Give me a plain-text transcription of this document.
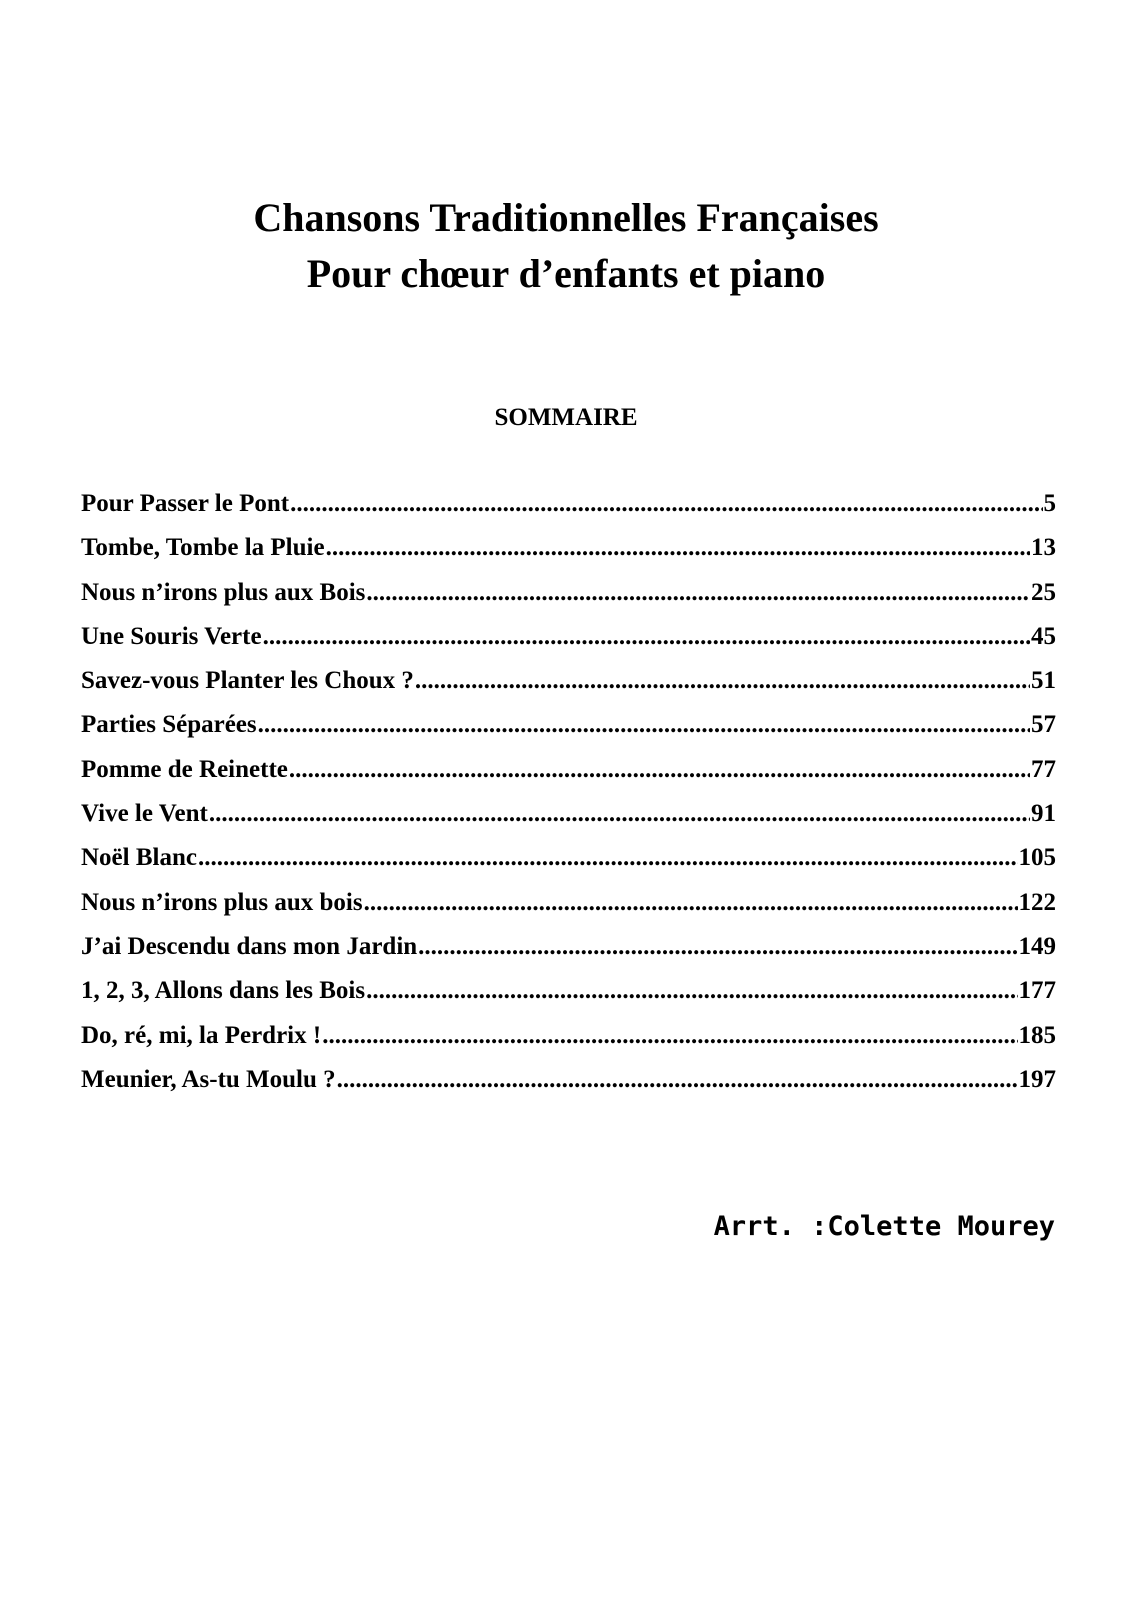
Chansons Traditionnelles Françaises
Pour chœur d’enfants et piano
SOMMAIRE
Pour Passer le Pont .....	5
Tombe, Tombe la Pluie .....	13
Nous n’irons plus aux Bois .....	25
Une Souris Verte .....	45
Savez-vous Planter les Choux ? .....	51
Parties Séparées .....	57
Pomme de Reinette .....	77
Vive le Vent .....	91
Noël Blanc .....	105
Nous n’irons plus aux bois .....	122
J’ai Descendu dans mon Jardin .....	149
1, 2, 3, Allons dans les Bois .....	177
Do, ré, mi, la Perdrix ! .....	185
Meunier, As-tu Moulu ? .....	197
Arrt. :Colette Mourey
